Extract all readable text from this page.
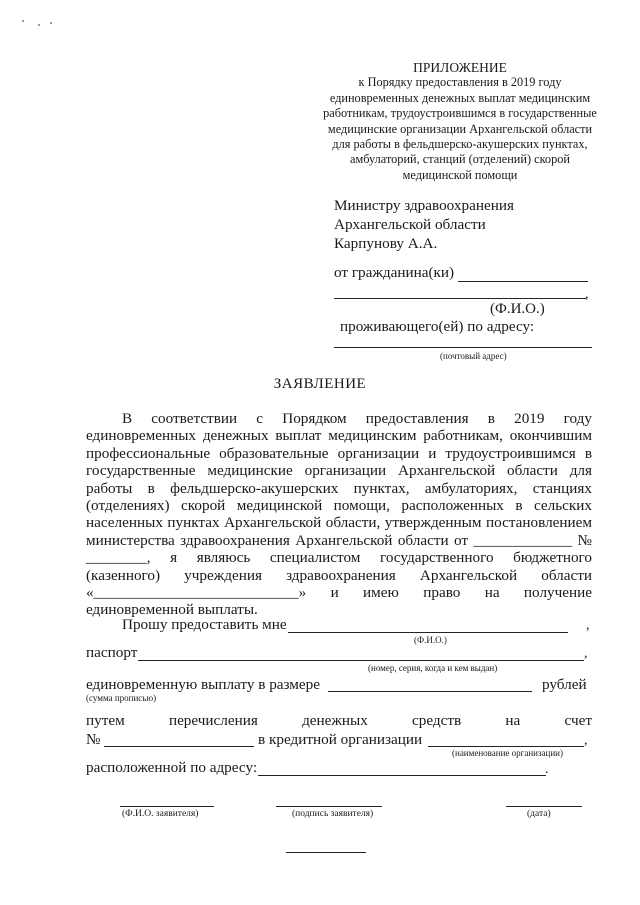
ПРИЛОЖЕНИЕ
к Порядку предоставления в 2019 году
единовременных денежных выплат медицинским
работникам, трудоустроившимся в государственные
медицинские организации Архангельской области
для работы в фельдшерско-акушерских пунктах,
амбулаторий, станций (отделений) скорой
медицинской помощи
Министру здравоохранения
Архангельской области
Карпунову А.А.
от гражданина(ки)
,
(Ф.И.О.)
проживающего(ей) по адресу:
(почтовый адрес)
ЗАЯВЛЕНИЕ

В соответствии с Порядком предоставления в 2019 году

единовременных денежных выплат медицинским работникам, окончившим

профессиональные образовательные организации и трудоустроившимся в

государственные медицинские организации Архангельской области для

работы в фельдшерско-акушерских пунктах, амбулаториях, станциях

(отделениях) скорой медицинской помощи, расположенных в сельских

населенных пунктах Архангельской области, утвержденным постановлением

министерства здравоохранения Архангельской области от _____________ №

________, я являюсь специалистом государственного бюджетного

(казенного) учреждения здравоохранения Архангельской области

«___________________________» и имею право на получение

единовременной выплаты.

Прошу предоставить мне	,
(Ф.И.О.)
паспорт	,
(номер, серия, когда и кем выдан)
единовременную выплату в размере	рублей
(сумма прописью)
путем	перечисления	денежных	средств	на	счет
№	в кредитной организации	,
(наименование организации)
расположенной по адресу:	.
(Ф.И.О. заявителя)	(подпись заявителя)	(дата)
